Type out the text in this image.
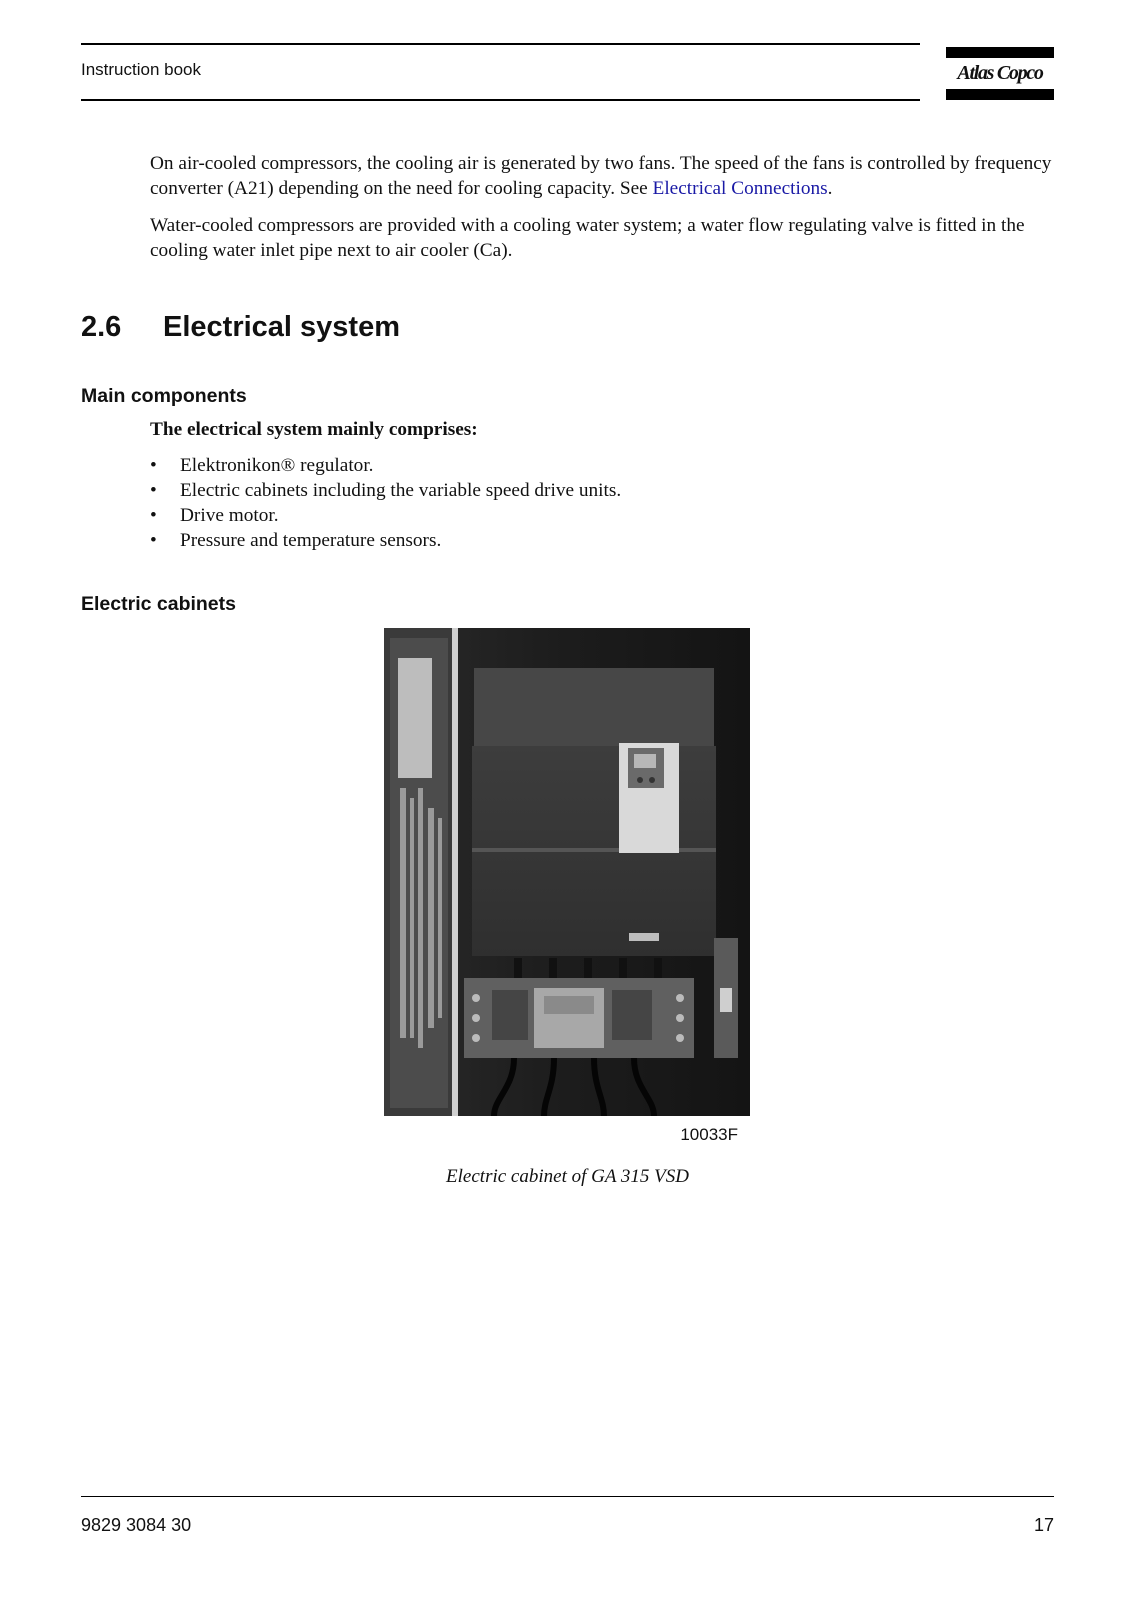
Instruction book	Atlas Copco

On air-cooled compressors, the cooling air is generated by two fans. The speed of the fans is controlled by frequency converter (A21) depending on the need for cooling capacity. See Electrical Connections.

Water-cooled compressors are provided with a cooling water system; a water flow regulating valve is fitted in the cooling water inlet pipe next to air cooler (Ca).

2.6 Electrical system
Main components
The electrical system mainly comprises:
• Elektronikon® regulator.
• Electric cabinets including the variable speed drive units.
• Drive motor.
• Pressure and temperature sensors.
Electric cabinets
10033F
Electric cabinet of GA 315 VSD
9829 3084 30	17
